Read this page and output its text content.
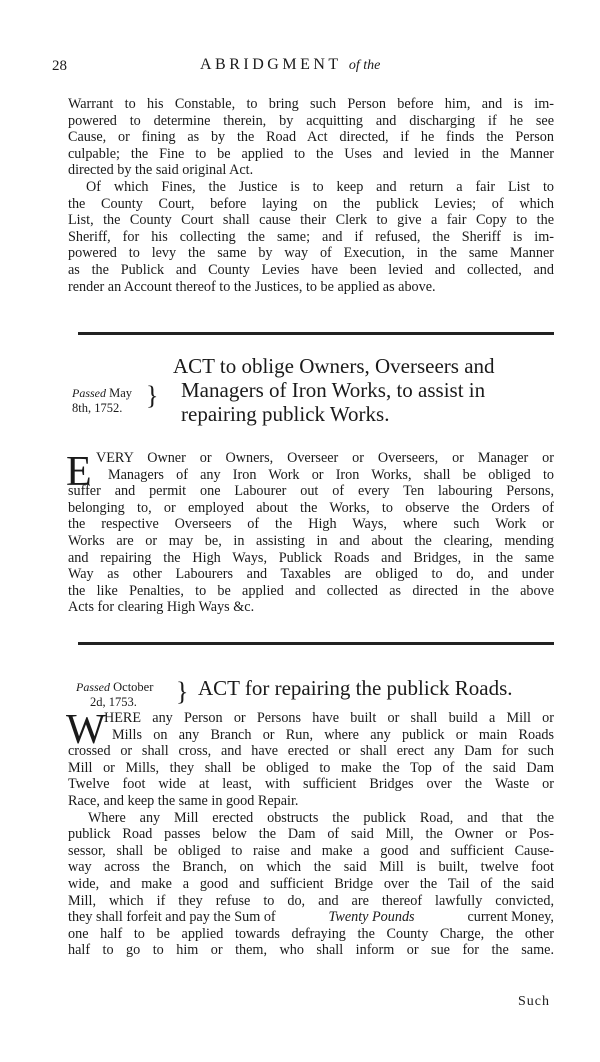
28	ABRIDGMENT of the
Warrant to his Constable, to bring such Person before him, and is im-
powered to determine therein, by acquitting and discharging if he see
Cause, or fining as by the Road Act directed, if he finds the Person
culpable; the Fine to be applied to the Uses and levied in the Manner
directed by the said original Act.
Of which Fines, the Justice is to keep and return a fair List to
the County Court, before laying on the publick Levies; of which
List, the County Court shall cause their Clerk to give a fair Copy to the
Sheriff, for his collecting the same; and if refused, the Sheriff is im-
powered to levy the same by way of Execution, in the same Manner
as the Publick and County Levies have been levied and collected, and
render an Account thereof to the Justices, to be applied as above.
Passed May
8th, 1752. }
ACT to oblige Owners, Overseers and
Managers of Iron Works, to assist in
repairing publick Works.
E VERY Owner or Owners, Overseer or Overseers, or Manager or
Managers of any Iron Work or Iron Works, shall be obliged to
suffer and permit one Labourer out of every Ten labouring Persons,
belonging to, or employed about the Works, to observe the Orders of
the respective Overseers of the High Ways, where such Work or
Works are or may be, in assisting in and about the clearing, mending
and repairing the High Ways, Publick Roads and Bridges, in the same
Way as other Labourers and Taxables are obliged to do, and under
the like Penalties, to be applied and collected as directed in the above
Acts for clearing High Ways &c.
Passed October
2d, 1753.	} ACT for repairing the publick Roads.
W
HERE any Person or Persons have built or shall build a Mill or
Mills on any Branch or Run, where any publick or main Roads
crossed or shall cross, and have erected or shall erect any Dam for such
Mill or Mills, they shall be obliged to make the Top of the said Dam
Twelve foot wide at least, with sufficient Bridges over the Waste or
Race, and keep the same in good Repair.
Where any Mill erected obstructs the publick Road, and that the
publick Road passes below the Dam of said Mill, the Owner or Pos-
sessor, shall be obliged to raise and make a good and sufficient Cause-
way across the Branch, on which the said Mill is built, twelve foot
wide, and make a good and sufficient Bridge over the Tail of the said
Mill, which if they refuse to do, and are thereof lawfully convicted,
they shall forfeit and pay the Sum of	Twenty Pounds	current Money,
one half to be applied towards defraying the County Charge, the other
half to go to him or them, who shall inform or sue for the same.
Such
